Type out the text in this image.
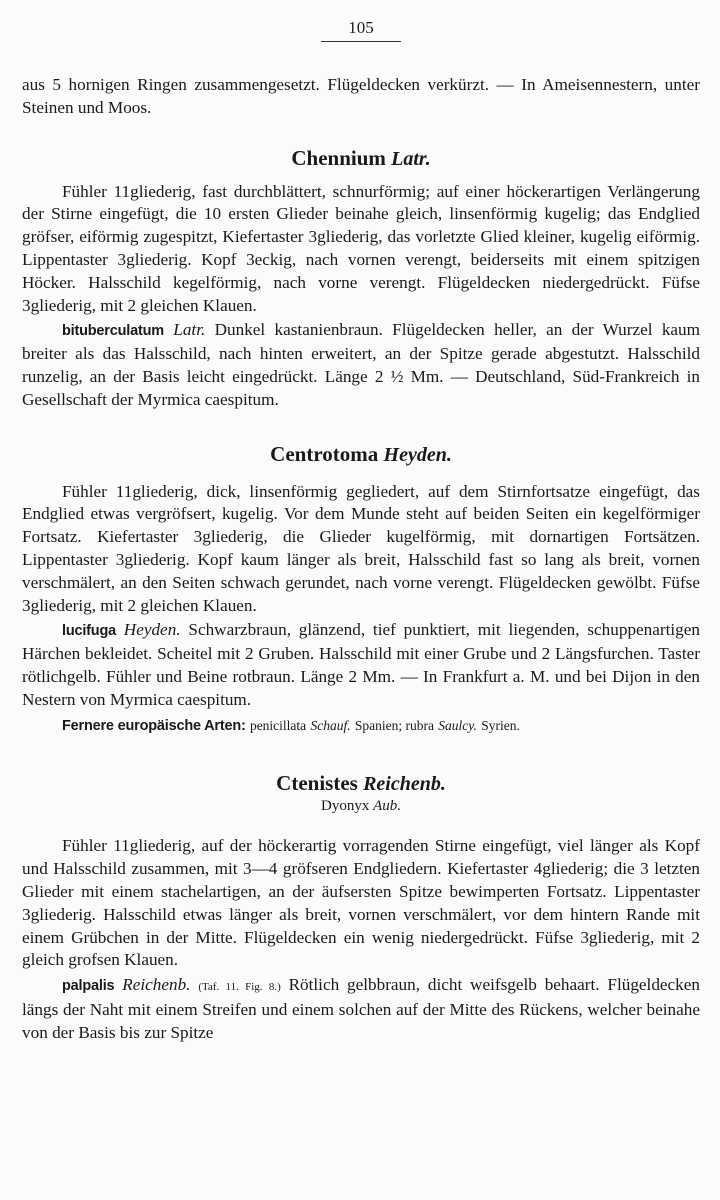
105

aus 5 hornigen Ringen zusammengesetzt. Flügeldecken verkürzt. — In Ameisennestern, unter Steinen und Moos.

Chennium Latr.

Fühler 11gliederig, fast durchblättert, schnurförmig; auf einer höckerartigen Verlängerung der Stirne eingefügt, die 10 ersten Glieder beinahe gleich, linsenförmig kugelig; das Endglied gröfser, eiförmig zugespitzt, Kiefertaster 3gliederig, das vorletzte Glied kleiner, kugelig eiförmig. Lippentaster 3gliederig. Kopf 3eckig, nach vornen verengt, beiderseits mit einem spitzigen Höcker. Halsschild kegelförmig, nach vorne verengt. Flügeldecken niedergedrückt. Füfse 3gliederig, mit 2 gleichen Klauen.

bituberculatum Latr. Dunkel kastanienbraun. Flügeldecken heller, an der Wurzel kaum breiter als das Halsschild, nach hinten erweitert, an der Spitze gerade abgestutzt. Halsschild runzelig, an der Basis leicht eingedrückt. Länge 2 ½ Mm. — Deutschland, Süd-Frankreich in Gesellschaft der Myrmica caespitum.

Centrotoma Heyden.

Fühler 11gliederig, dick, linsenförmig gegliedert, auf dem Stirnfortsatze eingefügt, das Endglied etwas vergröfsert, kugelig. Vor dem Munde steht auf beiden Seiten ein kegelförmiger Fortsatz. Kiefertaster 3gliederig, die Glieder kugelförmig, mit dornartigen Fortsätzen. Lippentaster 3gliederig. Kopf kaum länger als breit, Halsschild fast so lang als breit, vornen verschmälert, an den Seiten schwach gerundet, nach vorne verengt. Flügeldecken gewölbt. Füfse 3gliederig, mit 2 gleichen Klauen.

lucifuga Heyden. Schwarzbraun, glänzend, tief punktiert, mit liegenden, schuppenartigen Härchen bekleidet. Scheitel mit 2 Gruben. Halsschild mit einer Grube und 2 Längsfurchen. Taster rötlichgelb. Fühler und Beine rotbraun. Länge 2 Mm. — In Frankfurt a. M. und bei Dijon in den Nestern von Myrmica caespitum.

Fernere europäische Arten: penicillata Schauf. Spanien; rubra Saulcy. Syrien.

Ctenistes Reichenb.
Dyonyx Aub.

Fühler 11gliederig, auf der höckerartig vorragenden Stirne eingefügt, viel länger als Kopf und Halsschild zusammen, mit 3—4 gröfseren Endgliedern. Kiefertaster 4gliederig; die 3 letzten Glieder mit einem stachelartigen, an der äufsersten Spitze bewimperten Fortsatz. Lippentaster 3gliederig. Halsschild etwas länger als breit, vornen verschmälert, vor dem hintern Rande mit einem Grübchen in der Mitte. Flügeldecken ein wenig niedergedrückt. Füfse 3gliederig, mit 2 gleich grofsen Klauen.

palpalis Reichenb. (Taf. 11. Fig. 8.) Rötlich gelbbraun, dicht weifsgelb behaart. Flügeldecken längs der Naht mit einem Streifen und einem solchen auf der Mitte des Rückens, welcher beinahe von der Basis bis zur Spitze
